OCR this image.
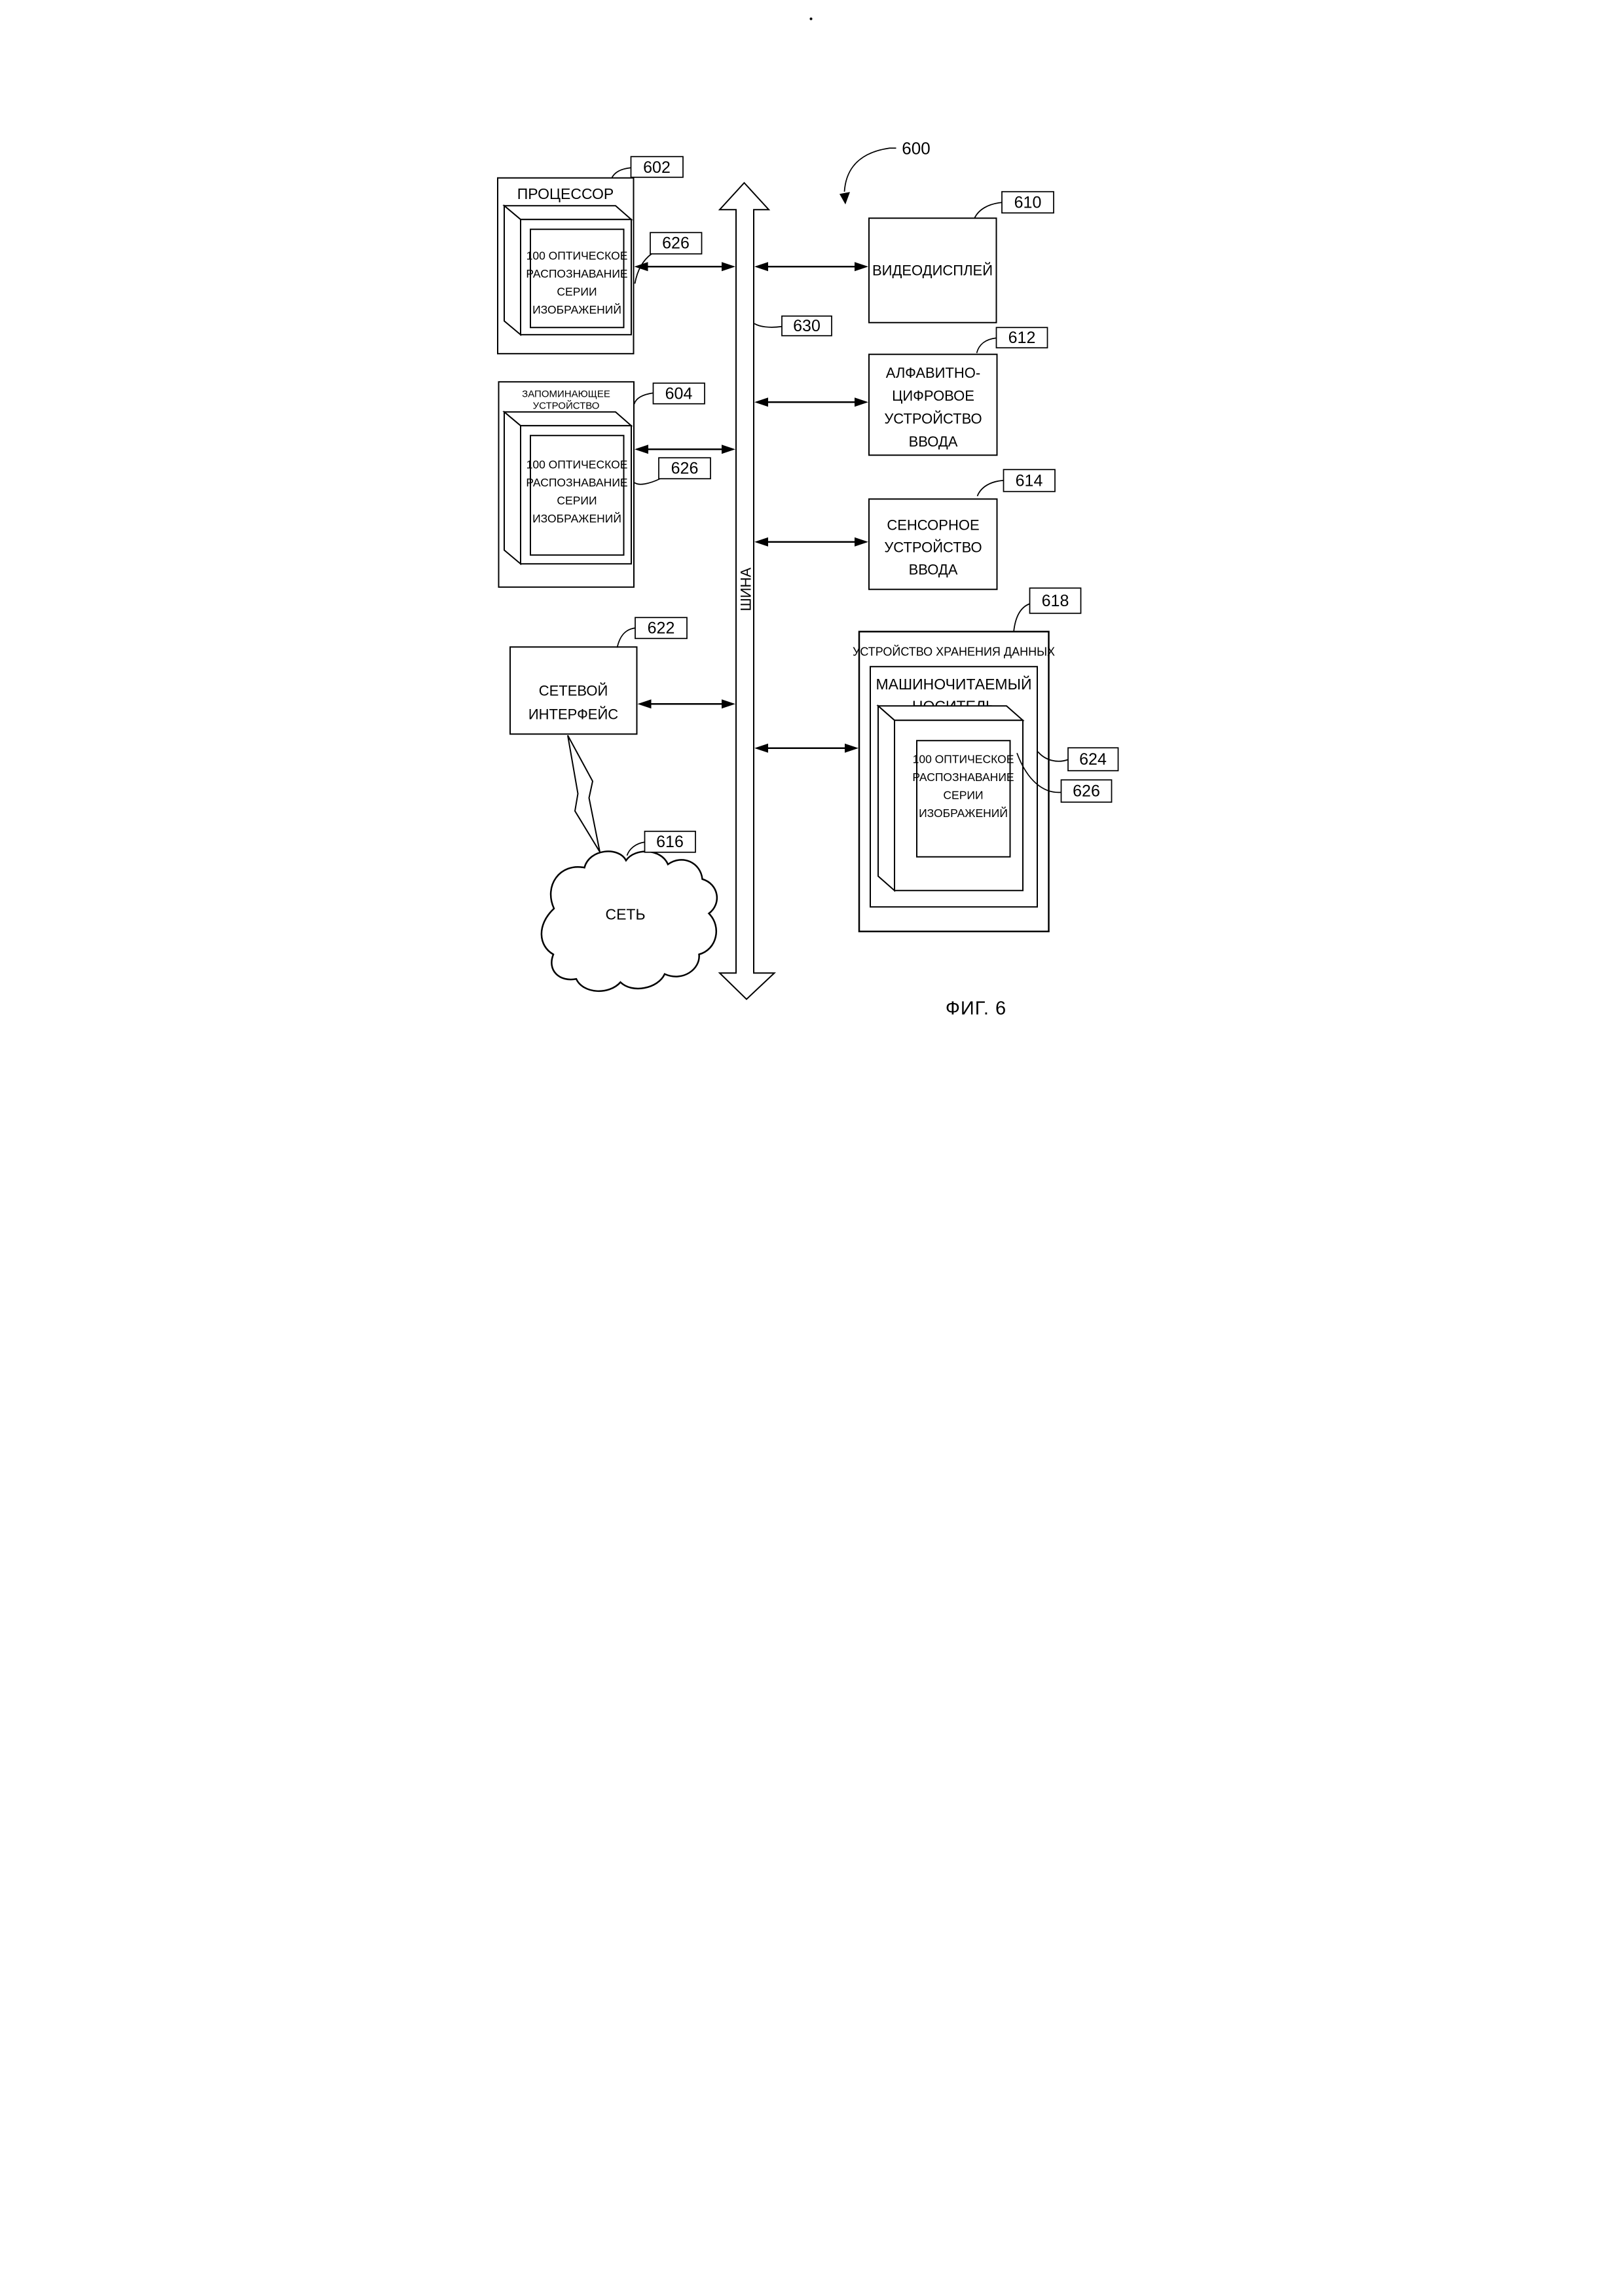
600
ШИНА
630
ПРОЦЕССОР
100 ОПТИЧЕСКОЕ
РАСПОЗНАВАНИЕ
СЕРИИ
ИЗОБРАЖЕНИЙ
602
626
ЗАПОМИНАЮЩЕЕ
УСТРОЙСТВО
100 ОПТИЧЕСКОЕ
РАСПОЗНАВАНИЕ
СЕРИИ
ИЗОБРАЖЕНИЙ
604
626
ВИДЕОДИСПЛЕЙ
610
АЛФАВИТНО-
ЦИФРОВОЕ
УСТРОЙСТВО
ВВОДА
612
СЕНСОРНОЕ
УСТРОЙСТВО
ВВОДА
614
СЕТЕВОЙ
ИНТЕРФЕЙС
622
СЕТЬ
616
УСТРОЙСТВО ХРАНЕНИЯ ДАННЫХ
МАШИНОЧИТАЕМЫЙ
100 ОПТИЧЕСКОЕ
РАСПОЗНАВАНИЕ
СЕРИИ
ИЗОБРАЖЕНИЙ
618
624
626
ФИГ. 6
